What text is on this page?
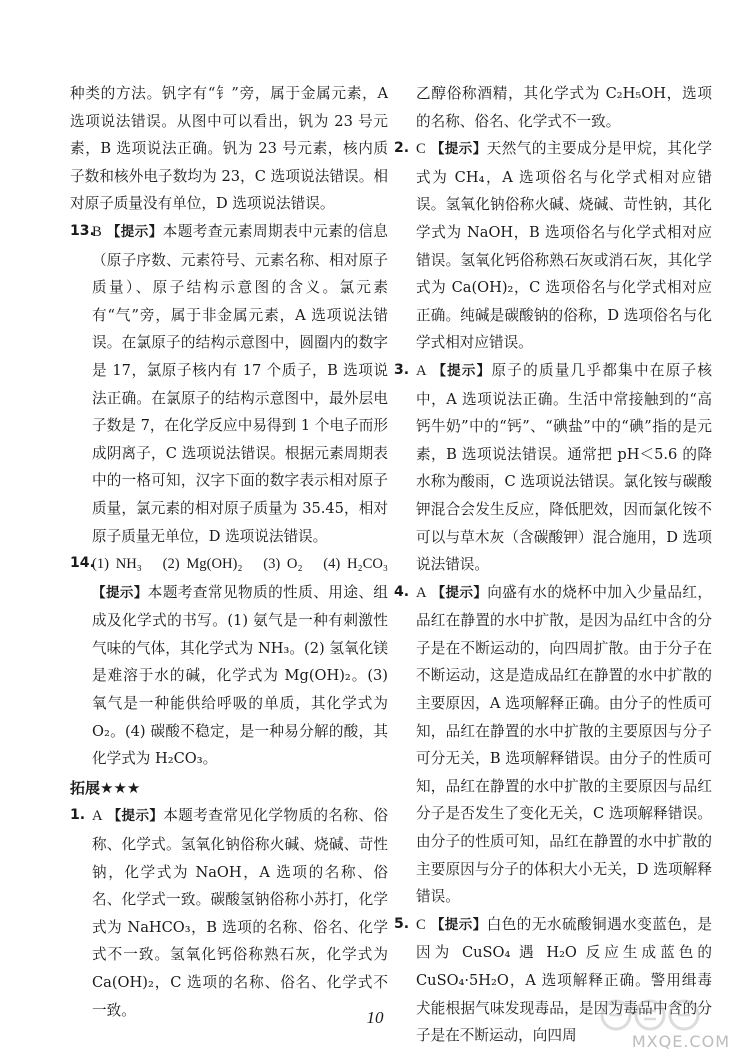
种类的方法。钒字有“钅”旁，属于金属元素，A 选项说法错误。从图中可以看出，钒为 23 号元素，B 选项说法正确。钒为 23 号元素，核内质子数和核外电子数均为 23，C 选项说法错误。相对原子质量没有单位，D 选项说法错误。

13.
B 【提示】本题考查元素周期表中元素的信息（原子序数、元素符号、元素名称、相对原子质量）、原子结构示意图的含义。氯元素有“气”旁，属于非金属元素，A 选项说法错误。在氯原子的结构示意图中，圆圈内的数字是 17，氯原子核内有 17 个质子，B 选项说法正确。在氯原子的结构示意图中，最外层电子数是 7，在化学反应中易得到 1 个电子而形成阴离子，C 选项说法错误。根据元素周期表中的一格可知，汉字下面的数字表示相对原子质量，氯元素的相对原子质量为 35.45，相对原子质量无单位，D 选项说法错误。

14.
(1) NH₃　(2) Mg(OH)₂　(3) O₂　(4) H₂CO₃ 【提示】本题考查常见物质的性质、用途、组成及化学式的书写。(1) 氨气是一种有刺激性气味的气体，其化学式为 NH₃。(2) 氢氧化镁是难溶于水的碱，化学式为 Mg(OH)₂。(3) 氧气是一种能供给呼吸的单质，其化学式为 O₂。(4) 碳酸不稳定，是一种易分解的酸，其化学式为 H₂CO₃。

拓展★★★

1. A 【提示】本题考查常见化学物质的名称、俗称、化学式。氢氧化钠俗称火碱、烧碱、苛性钠，化学式为 NaOH，A 选项的名称、俗名、化学式一致。碳酸氢钠俗称小苏打，化学式为 NaHCO₃，B 选项的名称、俗名、化学式不一致。氢氧化钙俗称熟石灰，化学式为 Ca(OH)₂，C 选项的名称、俗名、化学式不一致。

乙醇俗称酒精，其化学式为 C₂H₅OH，选项的名称、俗名、化学式不一致。

2. C 【提示】天然气的主要成分是甲烷，其化学式为 CH₄，A 选项俗名与化学式相对应错误。氢氧化钠俗称火碱、烧碱、苛性钠，其化学式为 NaOH，B 选项俗名与化学式相对应错误。氢氧化钙俗称熟石灰或消石灰，其化学式为 Ca(OH)₂，C 选项俗名与化学式相对应正确。纯碱是碳酸钠的俗称，D 选项俗名与化学式相对应错误。

3. A 【提示】原子的质量几乎都集中在原子核中，A 选项说法正确。生活中常接触到的“高钙牛奶”中的“钙”、“碘盐”中的“碘”指的是元素，B 选项说法错误。通常把 pH＜5.6 的降水称为酸雨，C 选项说法错误。氯化铵与碳酸钾混合会发生反应，降低肥效，因而氯化铵不可以与草木灰（含碳酸钾）混合施用，D 选项说法错误。

4. A 【提示】向盛有水的烧杯中加入少量品红，品红在静置的水中扩散，是因为品红中含的分子是在不断运动的，向四周扩散。由于分子在不断运动，这是造成品红在静置的水中扩散的主要原因，A 选项解释正确。由分子的性质可知，品红在静置的水中扩散的主要原因与分子可分无关，B 选项解释错误。由分子的性质可知，品红在静置的水中扩散的主要原因与品红分子是否发生了变化无关，C 选项解释错误。由分子的性质可知，品红在静置的水中扩散的主要原因与分子的体积大小无关，D 选项解释错误。

5. C 【提示】白色的无水硫酸铜遇水变蓝色，是因为 CuSO₄ 遇 H₂O 反应生成蓝色的 CuSO₄·5H₂O，A 选项解释正确。警用缉毒犬能根据气味发现毒品，是因为毒品中含的分子是在不断运动，向四周

10
MXQE.COM
